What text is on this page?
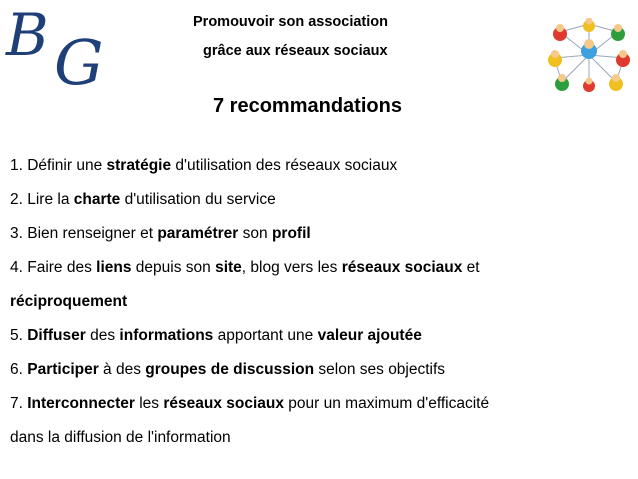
B G
Promouvoir son association
grâce aux réseaux sociaux
7 recommandations

1. Définir une stratégie d'utilisation des réseaux sociaux

2. Lire la charte d'utilisation du service

3. Bien renseigner et paramétrer son profil

4. Faire des liens depuis son site, blog vers les réseaux sociaux et

réciproquement

5. Diffuser des informations apportant une valeur ajoutée

6. Participer à des groupes de discussion selon ses objectifs

7. Interconnecter les réseaux sociaux pour un maximum d'efficacité

dans la diffusion de l'information
